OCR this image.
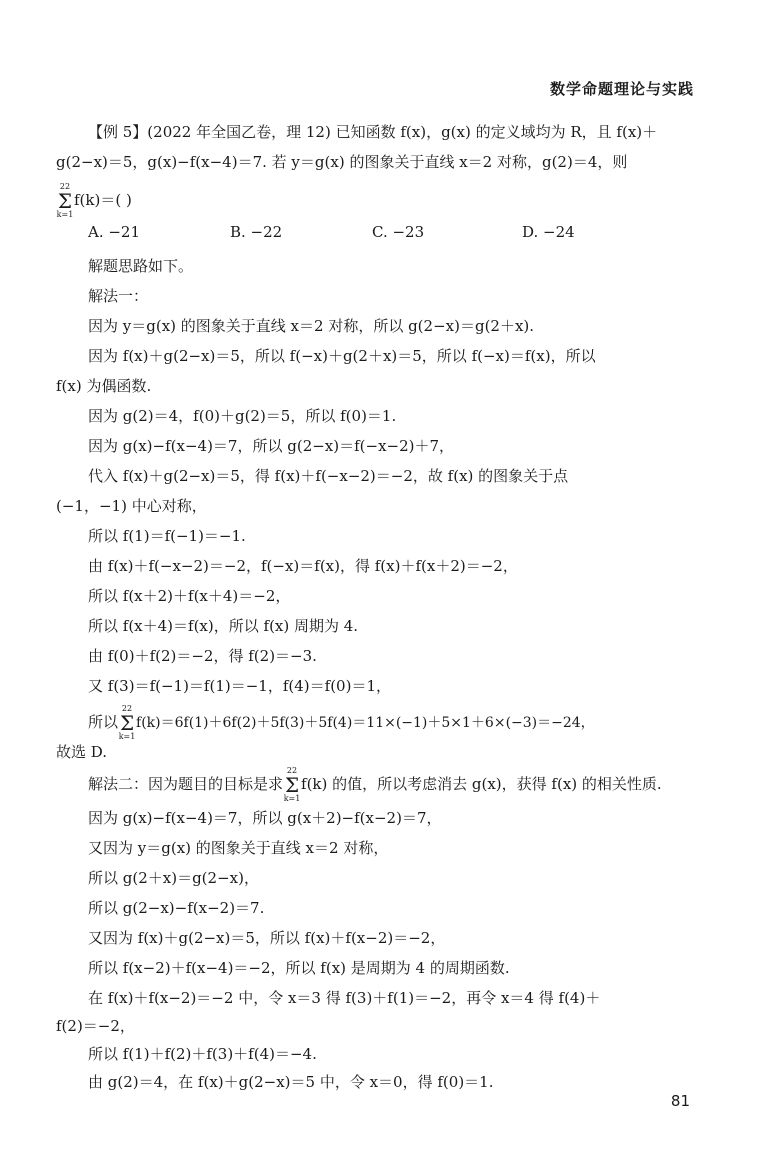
数学命题理论与实践
【例 5】(2022 年全国乙卷，理 12) 已知函数 f(x)，g(x) 的定义域均为 R，且 f(x)＋
g(2−x)＝5，g(x)−f(x−4)＝7. 若 y＝g(x) 的图象关于直线 x＝2 对称，g(2)＝4，则
22
Σ
k=1
f(k)＝( )
A. −21	B. −22	C. −23	D. −24
解题思路如下。
解法一：
因为 y＝g(x) 的图象关于直线 x＝2 对称，所以 g(2−x)＝g(2＋x).
因为 f(x)＋g(2−x)＝5，所以 f(−x)＋g(2＋x)＝5，所以 f(−x)＝f(x)，所以
f(x) 为偶函数.
因为 g(2)＝4，f(0)＋g(2)＝5，所以 f(0)＝1.
因为 g(x)−f(x−4)＝7，所以 g(2−x)＝f(−x−2)＋7，
代入 f(x)＋g(2−x)＝5，得 f(x)＋f(−x−2)＝−2，故 f(x) 的图象关于点
(−1，−1) 中心对称，
所以 f(1)＝f(−1)＝−1.
由 f(x)＋f(−x−2)＝−2，f(−x)＝f(x)，得 f(x)＋f(x＋2)＝−2，
所以 f(x＋2)＋f(x＋4)＝−2，
所以 f(x＋4)＝f(x)，所以 f(x) 周期为 4.
由 f(0)＋f(2)＝−2，得 f(2)＝−3.
又 f(3)＝f(−1)＝f(1)＝−1，f(4)＝f(0)＝1，
所以
22
Σ
k=1
f(k)＝6f(1)＋6f(2)＋5f(3)＋5f(4)＝11×(−1)＋5×1＋6×(−3)＝−24，
故选 D.
解法二：因为题目的目标是求
22
Σ
k=1
f(k) 的值，所以考虑消去 g(x)，获得 f(x) 的相关性质.
因为 g(x)−f(x−4)＝7，所以 g(x＋2)−f(x−2)＝7，
又因为 y＝g(x) 的图象关于直线 x＝2 对称，
所以 g(2＋x)＝g(2−x)，
所以 g(2−x)−f(x−2)＝7.
又因为 f(x)＋g(2−x)＝5，所以 f(x)＋f(x−2)＝−2，
所以 f(x−2)＋f(x−4)＝−2，所以 f(x) 是周期为 4 的周期函数.
在 f(x)＋f(x−2)＝−2 中，令 x＝3 得 f(3)＋f(1)＝−2，再令 x＝4 得 f(4)＋
f(2)＝−2，
所以 f(1)＋f(2)＋f(3)＋f(4)＝−4.
由 g(2)＝4，在 f(x)＋g(2−x)＝5 中，令 x＝0，得 f(0)＝1.
81
